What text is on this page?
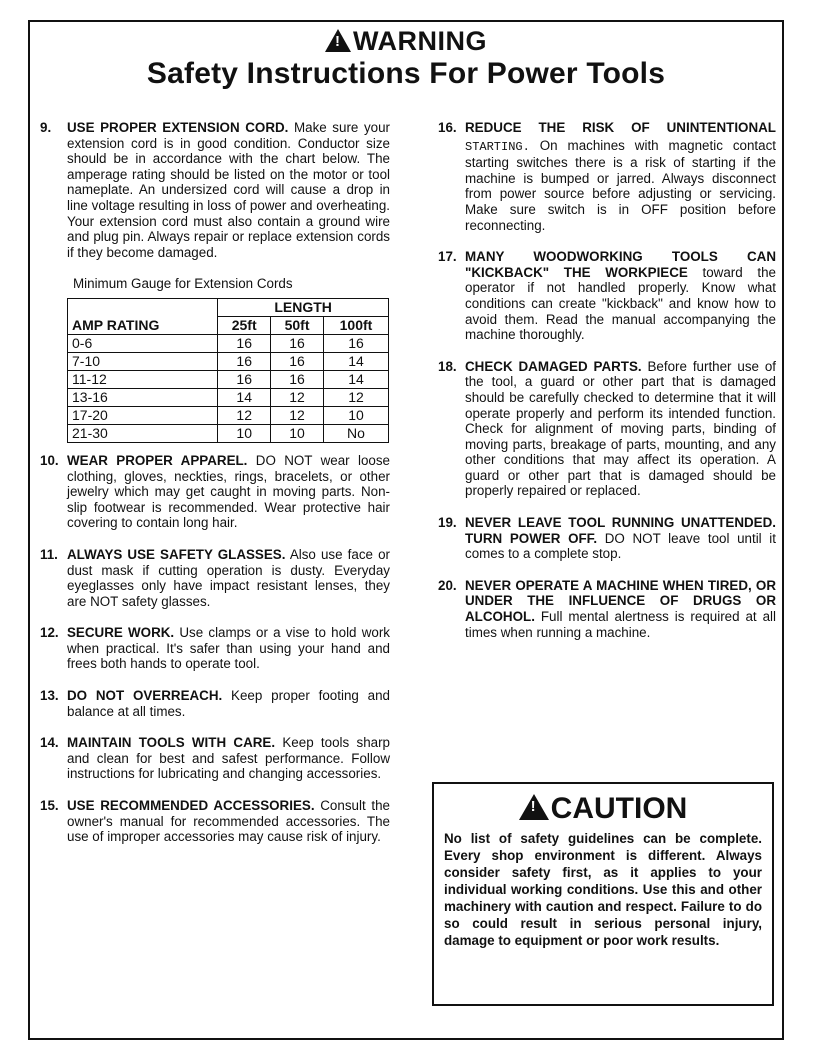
!WARNING
Safety Instructions For Power Tools
9. USE PROPER EXTENSION CORD. Make sure your extension cord is in good condition. Conductor size should be in accordance with the chart below. The amperage rating should be listed on the motor or tool nameplate. An undersized cord will cause a drop in line voltage resulting in loss of power and overheating. Your extension cord must also contain a ground wire and plug pin. Always repair or replace extension cords if they become damaged.
Minimum Gauge for Extension Cords
	LENGTH		
AMP RATING	25ft	50ft	100ft
0-6	16	16	16
7-10	16	16	14
11-12	16	16	14
13-16	14	12	12
17-20	12	12	10
21-30	10	10	No
10. WEAR PROPER APPAREL. DO NOT wear loose clothing, gloves, neckties, rings, bracelets, or other jewelry which may get caught in moving parts. Non-slip footwear is recommended. Wear protective hair covering to contain long hair.
11. ALWAYS USE SAFETY GLASSES. Also use face or dust mask if cutting operation is dusty. Everyday eyeglasses only have impact resistant lenses, they are NOT safety glasses.
12. SECURE WORK. Use clamps or a vise to hold work when practical. It's safer than using your hand and frees both hands to operate tool.
13. DO NOT OVERREACH. Keep proper footing and balance at all times.
14. MAINTAIN TOOLS WITH CARE. Keep tools sharp and clean for best and safest performance. Follow instructions for lubricating and changing accessories.
15. USE RECOMMENDED ACCESSORIES. Consult the owner's manual for recommended accessories. The use of improper accessories may cause risk of injury.
16. REDUCE THE RISK OF UNINTENTIONAL STARTING. On machines with magnetic contact starting switches there is a risk of starting if the machine is bumped or jarred. Always disconnect from power source before adjusting or servicing. Make sure switch is in OFF position before reconnecting.
17. MANY WOODWORKING TOOLS CAN "KICKBACK" THE WORKPIECE toward the operator if not handled properly. Know what conditions can create "kickback" and know how to avoid them. Read the manual accompanying the machine thoroughly.
18. CHECK DAMAGED PARTS. Before further use of the tool, a guard or other part that is damaged should be carefully checked to determine that it will operate properly and perform its intended function. Check for alignment of moving parts, binding of moving parts, breakage of parts, mounting, and any other conditions that may affect its operation. A guard or other part that is damaged should be properly repaired or replaced.
19. NEVER LEAVE TOOL RUNNING UNATTENDED. TURN POWER OFF. DO NOT leave tool until it comes to a complete stop.
20. NEVER OPERATE A MACHINE WHEN TIRED, OR UNDER THE INFLUENCE OF DRUGS OR ALCOHOL. Full mental alertness is required at all times when running a machine.
!CAUTION
No list of safety guidelines can be complete. Every shop environment is different. Always consider safety first, as it applies to your individual working conditions. Use this and other machinery with caution and respect. Failure to do so could result in serious personal injury, damage to equipment or poor work results.
